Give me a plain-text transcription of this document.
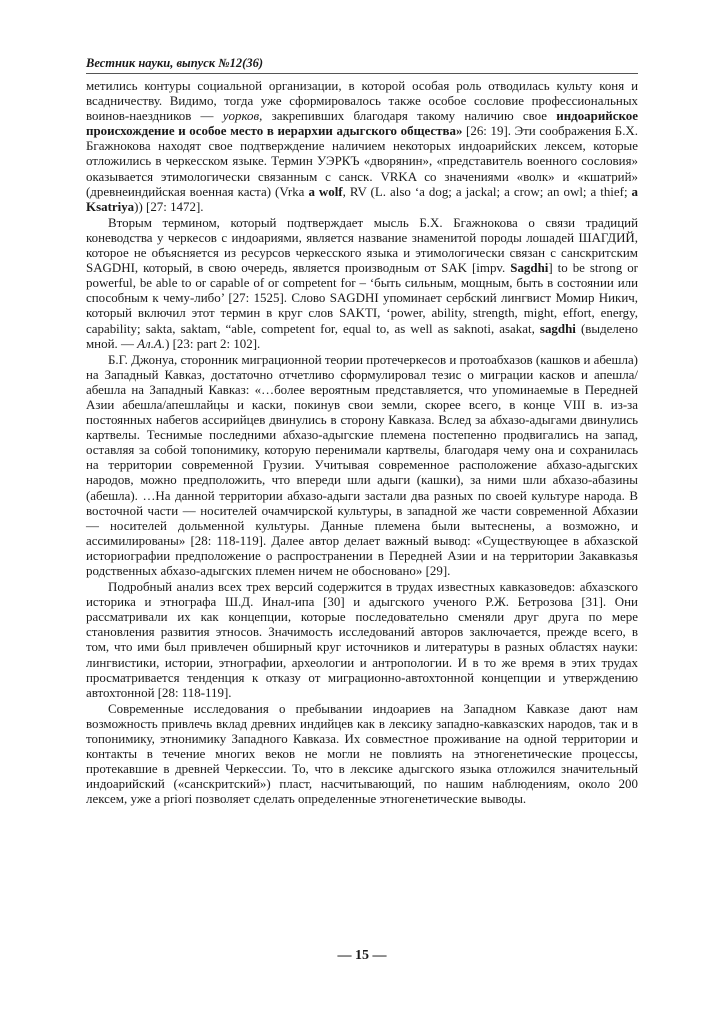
Вестник науки, выпуск №12(36)

метились контуры социальной организации, в которой особая роль отводилась культу коня и всадничеству. Видимо, тогда уже сформировалось также особое сословие профессиональных воинов-наездников — уорков, закрепивших благодаря такому наличию свое индоарийское происхождение и особое место в иерархии адыгского общества» [26: 19]. Эти соображения Б.Х. Бгажнокова находят свое подтверждение наличием некоторых индоарийских лексем, которые отложились в черкесском языке. Термин УЭРКЪ «дворянин», «представитель военного сословия» оказывается этимологически связанным с санск. VRKA со значениями «волк» и «кшатрий» (древнеиндийская военная каста) (Vrka a wolf, RV (L. also ‘a dog; a jackal; a crow; an owl; a thief; a Ksatriya)) [27: 1472].

Вторым термином, который подтверждает мысль Б.Х. Бгажнокова о связи традиций коневодства у черкесов с индоариями, является название знаменитой породы лошадей ШАГДИЙ, которое не объясняется из ресурсов черкесского языка и этимологически связан с санскритским SAGDHI, который, в свою очередь, является производным от SAK [impv. Sagdhi] to be strong or powerful, be able to or capable of or competent for – ‘быть сильным, мощным, быть в состоянии или способным к чему-либо’ [27: 1525]. Слово SAGDHI упоминает сербский лингвист Момир Никич, который включил этот термин в круг слов SAKTI, ‘power, ability, strength, might, effort, energy, capability; sakta, saktam, “able, competent for, equal to, as well as saknoti, asakat, sagdhi (выделено мной. — Ал.А.) [23: part 2: 102].

Б.Г. Джонуа, сторонник миграционной теории протечеркесов и протоабхазов (кашков и абешла) на Западный Кавказ, достаточно отчетливо сформулировал тезис о миграции касков и апешла/абешла на Западный Кавказ: «…более вероятным представляется, что упоминаемые в Передней Азии абешла/апешлайцы и каски, покинув свои земли, скорее всего, в конце VIII в. из-за постоянных набегов ассирийцев двинулись в сторону Кавказа. Вслед за абхазо-адыгами двинулись картвелы. Теснимые последними абхазо-адыгские племена постепенно продвигались на запад, оставляя за собой топонимику, которую перенимали картвелы, благодаря чему она и сохранилась на территории современной Грузии. Учитывая современное расположение абхазо-адыгских народов, можно предположить, что впереди шли адыги (кашки), за ними шли абхазо-абазины (абешла). …На данной территории абхазо-адыги застали два разных по своей культуре народа. В восточной части — носителей очамчирской культуры, в западной же части современной Абхазии — носителей дольменной культуры. Данные племена были вытеснены, а возможно, и ассимилированы» [28: 118-119]. Далее автор делает важный вывод: «Существующее в абхазской историографии предположение о распространении в Передней Азии и на территории Закавказья родственных абхазо-адыгских племен ничем не обосновано» [29].

Подробный анализ всех трех версий содержится в трудах известных кавказоведов: абхазского историка и этнографа Ш.Д. Инал-ипа [30] и адыгского ученого Р.Ж. Бетрозова [31]. Они рассматривали их как концепции, которые последовательно сменяли друг друга по мере становления развития этносов. Значимость исследований авторов заключается, прежде всего, в том, что ими был привлечен обширный круг источников и литературы в разных областях науки: лингвистики, истории, этнографии, археологии и антропологии. И в то же время в этих трудах просматривается тенденция к отказу от миграционно-автохтонной концепции и утверждению автохтонной [28: 118-119].

Современные исследования о пребывании индоариев на Западном Кавказе дают нам возможность привлечь вклад древних индийцев как в лексику западно-кавказских народов, так и в топонимику, этнонимику Западного Кавказа. Их совместное проживание на одной территории и контакты в течение многих веков не могли не повлиять на этногенетические процессы, протекавшие в древней Черкессии. То, что в лексике адыгского языка отложился значительный индоарийский («санскритский») пласт, насчитывающий, по нашим наблюдениям, около 200 лексем, уже a priori позволяет сделать определенные этногенетические выводы.

— 15 —
